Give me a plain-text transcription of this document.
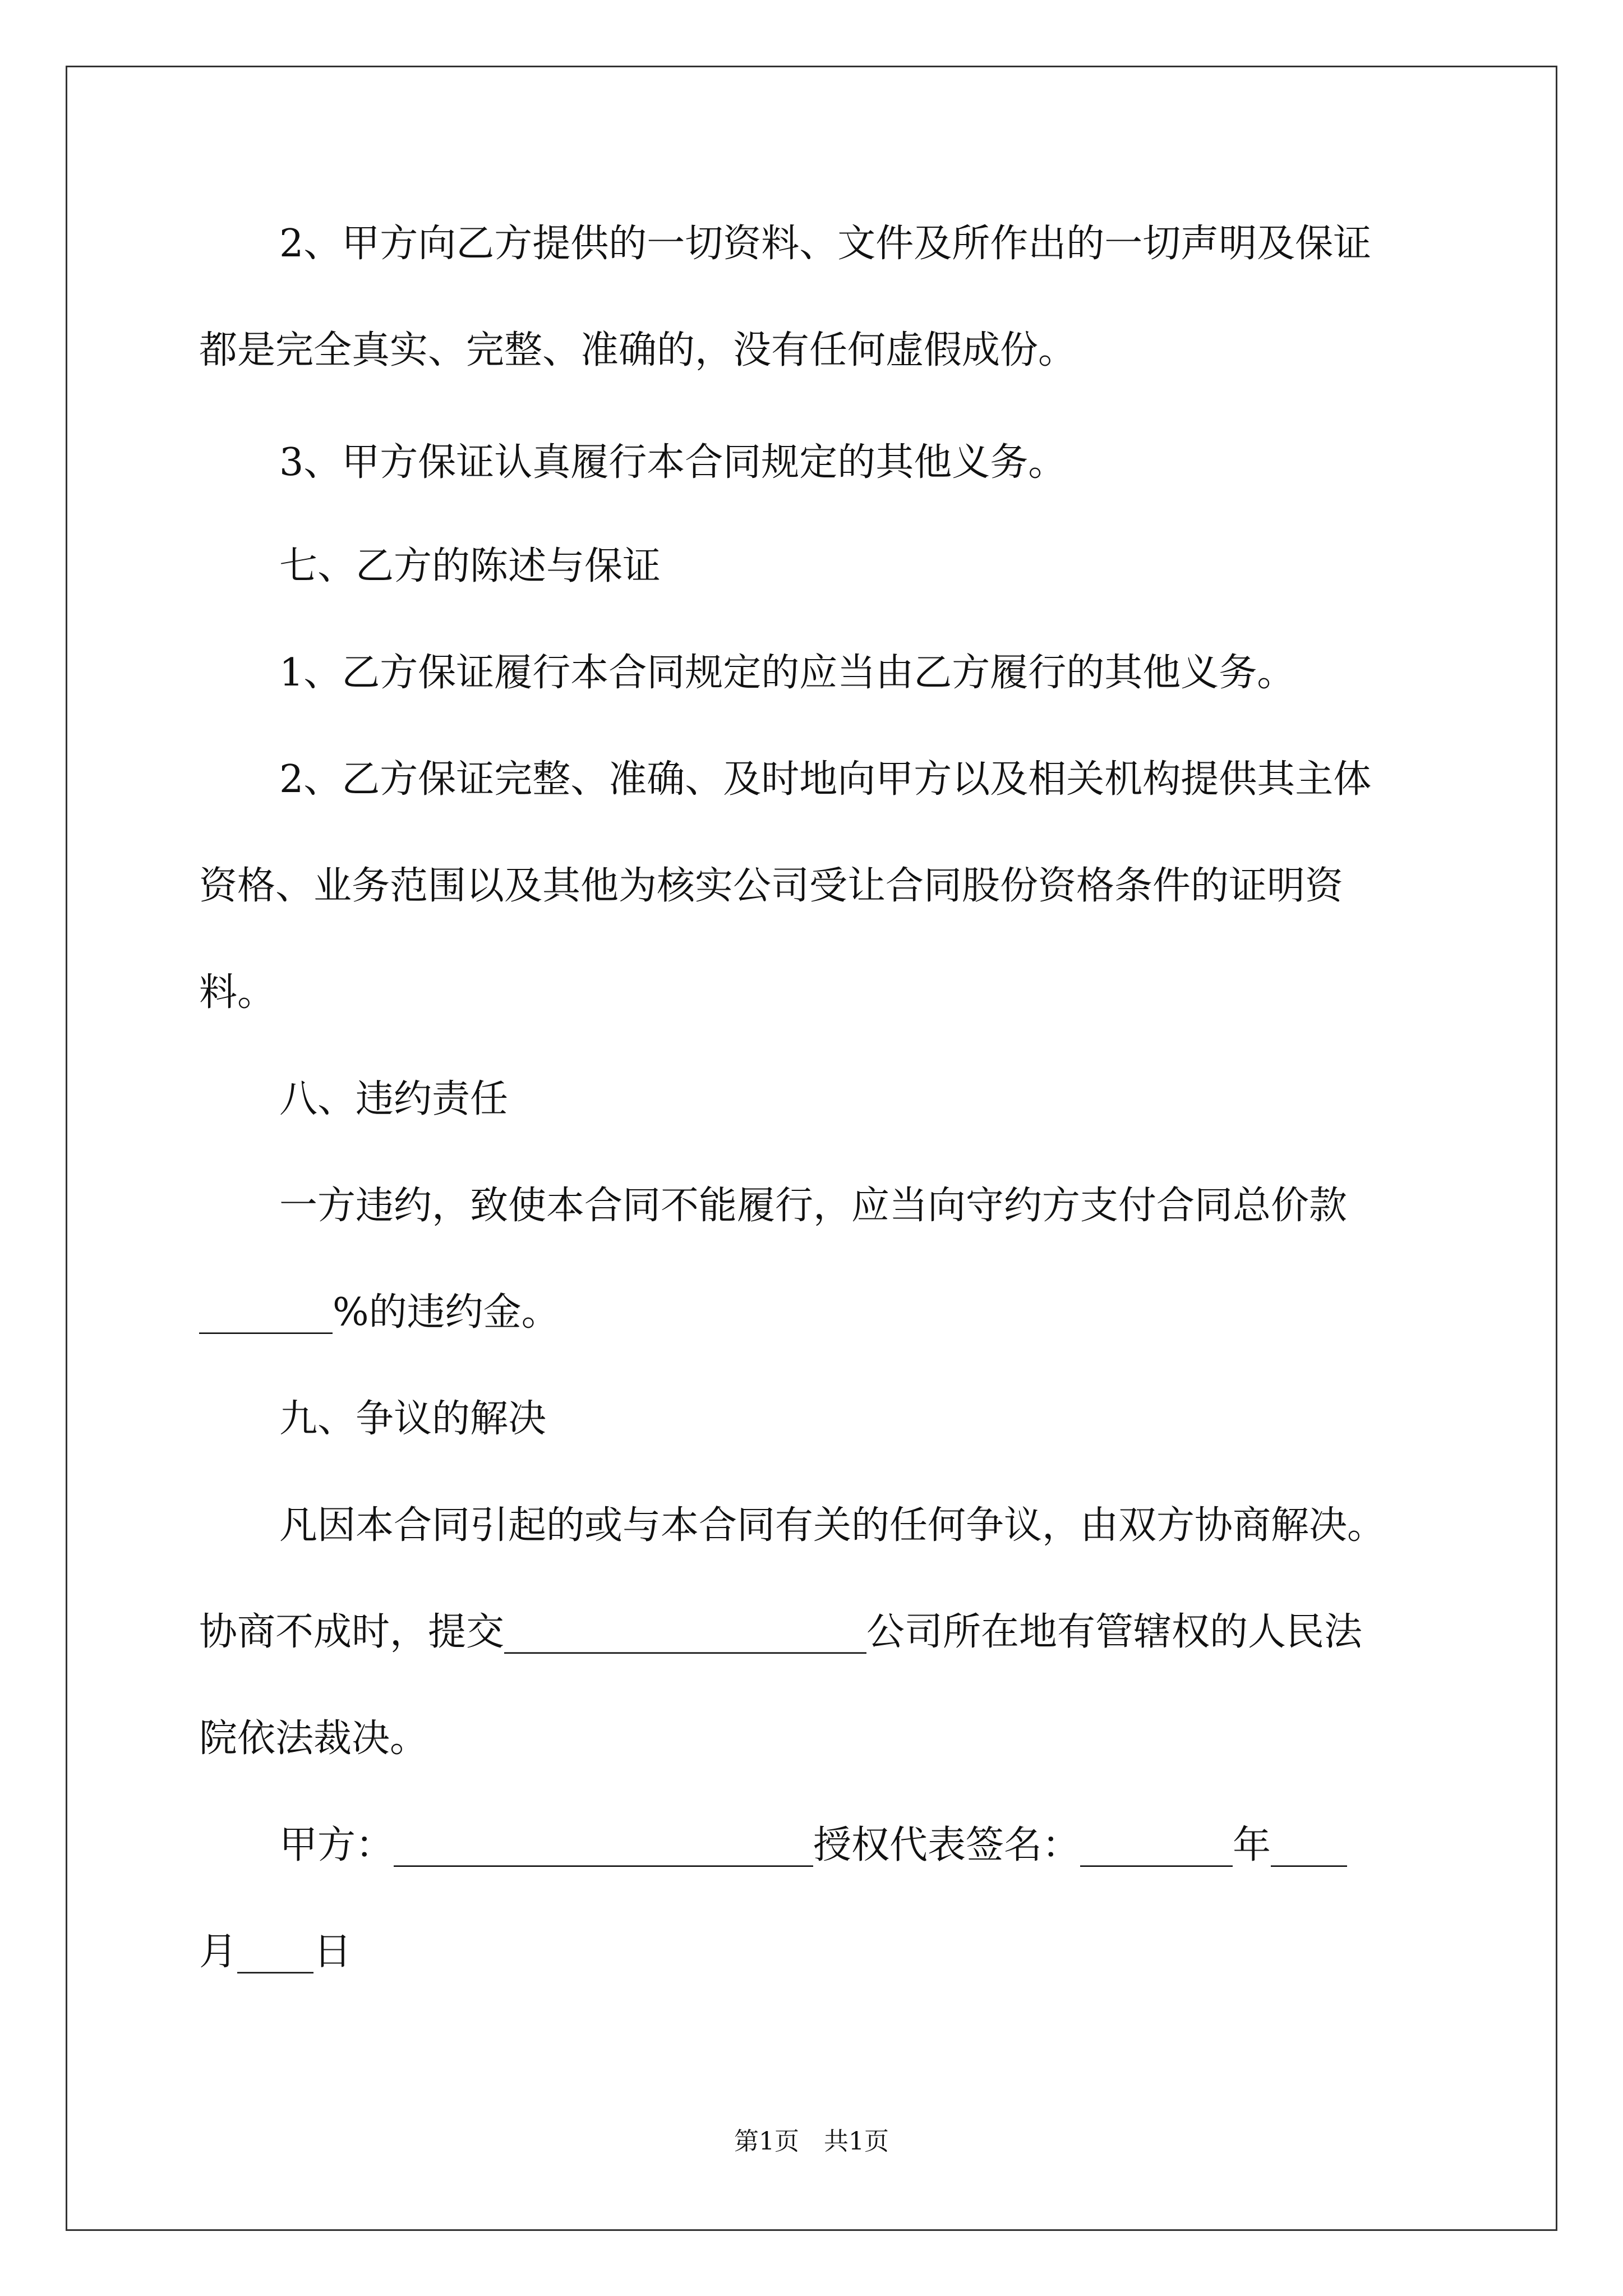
2、甲方向乙方提供的一切资料、文件及所作出的一切声明及保证
都是完全真实、完整、准确的，没有任何虚假成份。
3、甲方保证认真履行本合同规定的其他义务。
七、乙方的陈述与保证
1、乙方保证履行本合同规定的应当由乙方履行的其他义务。
2、乙方保证完整、准确、及时地向甲方以及相关机构提供其主体
资格、业务范围以及其他为核实公司受让合同股份资格条件的证明资
料。
八、违约责任
一方违约，致使本合同不能履行，应当向守约方支付合同总价款
_______%的违约金。
九、争议的解决
凡因本合同引起的或与本合同有关的任何争议，由双方协商解决。
协商不成时，提交___________________公司所在地有管辖权的人民法
院依法裁决。
甲方：______________________授权代表签名：________年____
月____日
第1页　共1页
